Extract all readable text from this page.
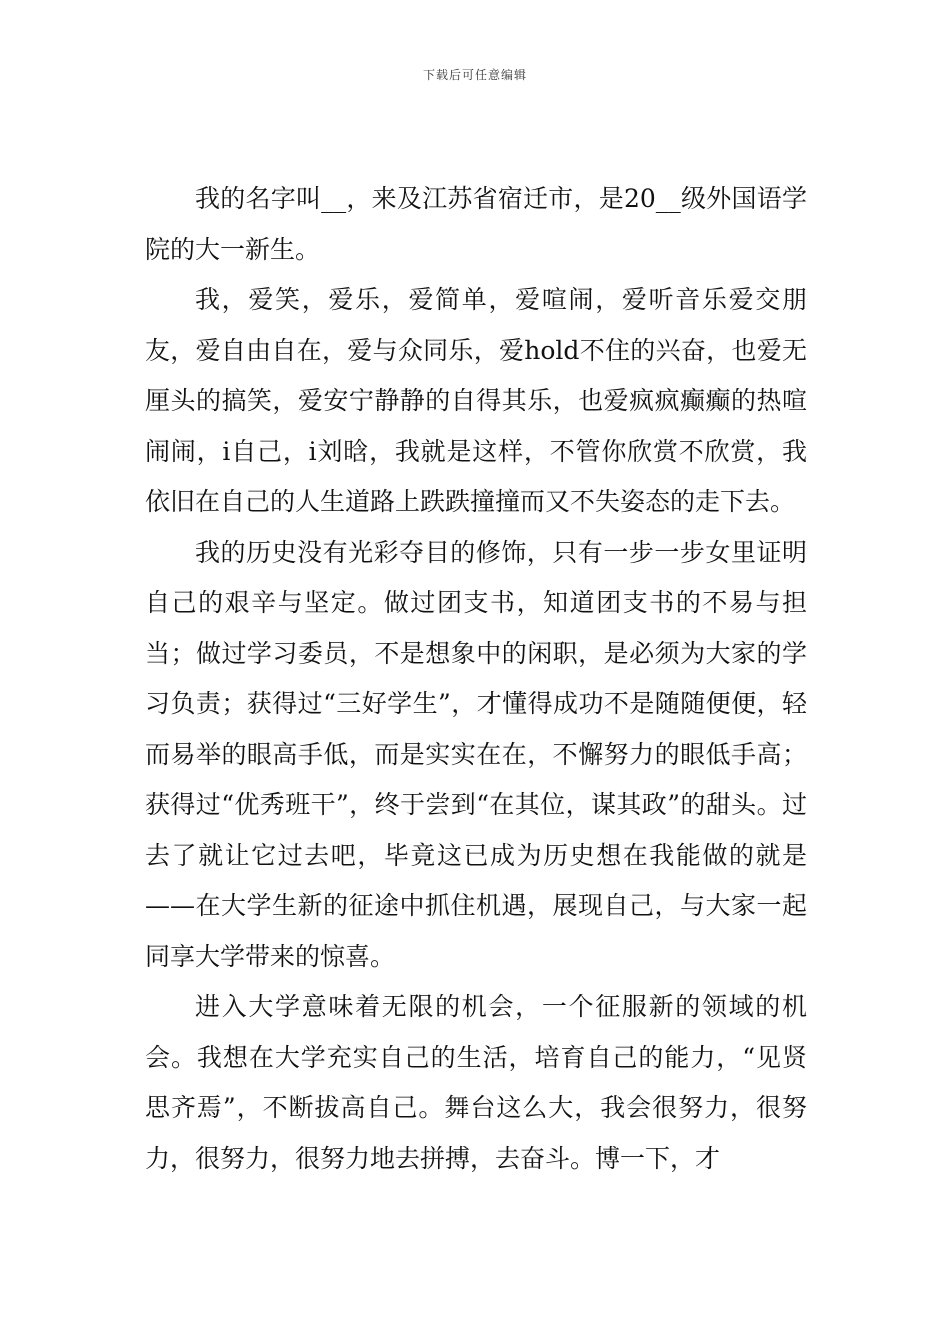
下载后可任意编辑

我的名字叫__，来及江苏省宿迁市，是20__级外国语学院的大一新生。

我，爱笑，爱乐，爱简单，爱喧闹，爱听音乐爱交朋友，爱自由自在，爱与众同乐，爱hold不住的兴奋，也爱无厘头的搞笑，爱安宁静静的自得其乐，也爱疯疯癫癫的热喧闹闹，i自己，i刘晗，我就是这样，不管你欣赏不欣赏，我依旧在自己的人生道路上跌跌撞撞而又不失姿态的走下去。

我的历史没有光彩夺目的修饰，只有一步一步女里证明自己的艰辛与坚定。做过团支书，知道团支书的不易与担当；做过学习委员，不是想象中的闲职，是必须为大家的学习负责；获得过“三好学生”，才懂得成功不是随随便便，轻而易举的眼高手低，而是实实在在，不懈努力的眼低手高；获得过“优秀班干”，终于尝到“在其位，谋其政”的甜头。过去了就让它过去吧，毕竟这已成为历史想在我能做的就是——在大学生新的征途中抓住机遇，展现自己，与大家一起同享大学带来的惊喜。

进入大学意味着无限的机会，一个征服新的领域的机会。我想在大学充实自己的生活，培育自己的能力，“见贤思齐焉”，不断拔高自己。舞台这么大，我会很努力，很努力，很努力，很努力地去拼搏，去奋斗。博一下，才
